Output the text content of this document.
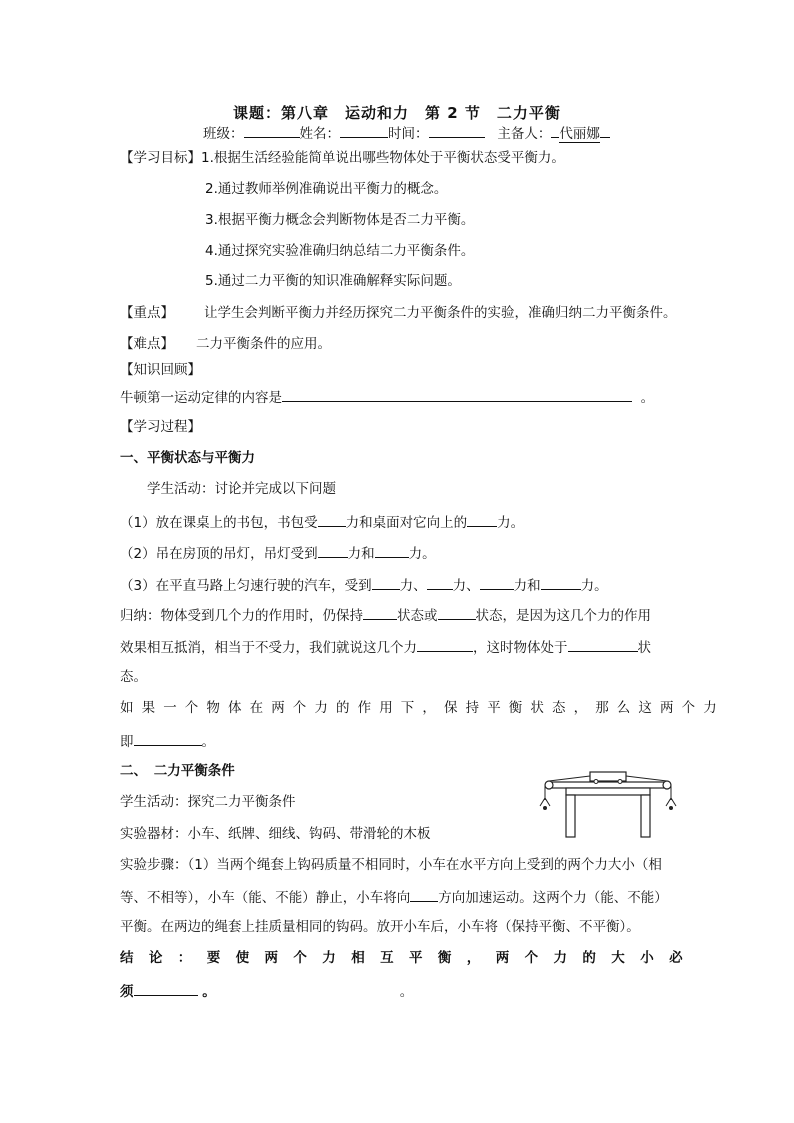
课题：第八章　运动和力　第 2 节　二力平衡
班级：	姓名：	时间：	主备人： 代丽娜
【学习目标】1.根据生活经验能简单说出哪些物体处于平衡状态受平衡力。
2.通过教师举例准确说出平衡力的概念。
3.根据平衡力概念会判断物体是否二力平衡。
4.通过探究实验准确归纳总结二力平衡条件。
5.通过二力平衡的知识准确解释实际问题。
【重点】 让学生会判断平衡力并经历探究二力平衡条件的实验，准确归纳二力平衡条件。
【难点】 二力平衡条件的应用。
【知识回顾】
牛顿第一运动定律的内容是	。
【学习过程】
一、平衡状态与平衡力
学生活动：讨论并完成以下问题
（1）放在课桌上的书包，书包受 力和桌面对它向上的 力。
（2）吊在房顶的吊灯，吊灯受到 力和	力。
（3）在平直马路上匀速行驶的汽车，受到 力、 力、	力和	力。
归纳：物体受到几个力的作用时，仍保持	状态或	状态，是因为这几个力的作用
效果相互抵消，相当于不受力，我们就说这几个力	，这时物体处于	状
态。
如果一个物体在两个力的作用下，保持平衡状态，那么这两个力
即	。
二、　二力平衡条件
学生活动：探究二力平衡条件
实验器材：小车、纸牌、细线、钩码、带滑轮的木板
实验步骤：（1）当两个绳套上钩码质量不相同时，小车在水平方向上受到的两个力大小（相
等、不相等），小车（能、不能）静止，小车将向 方向加速运动。这两个力（能、不能）
平衡。在两边的绳套上挂质量相同的钩码。放开小车后，小车将（保持平衡、不平衡）。
结论：要使两个力相互平衡，两个力的大小必
须	。	。
